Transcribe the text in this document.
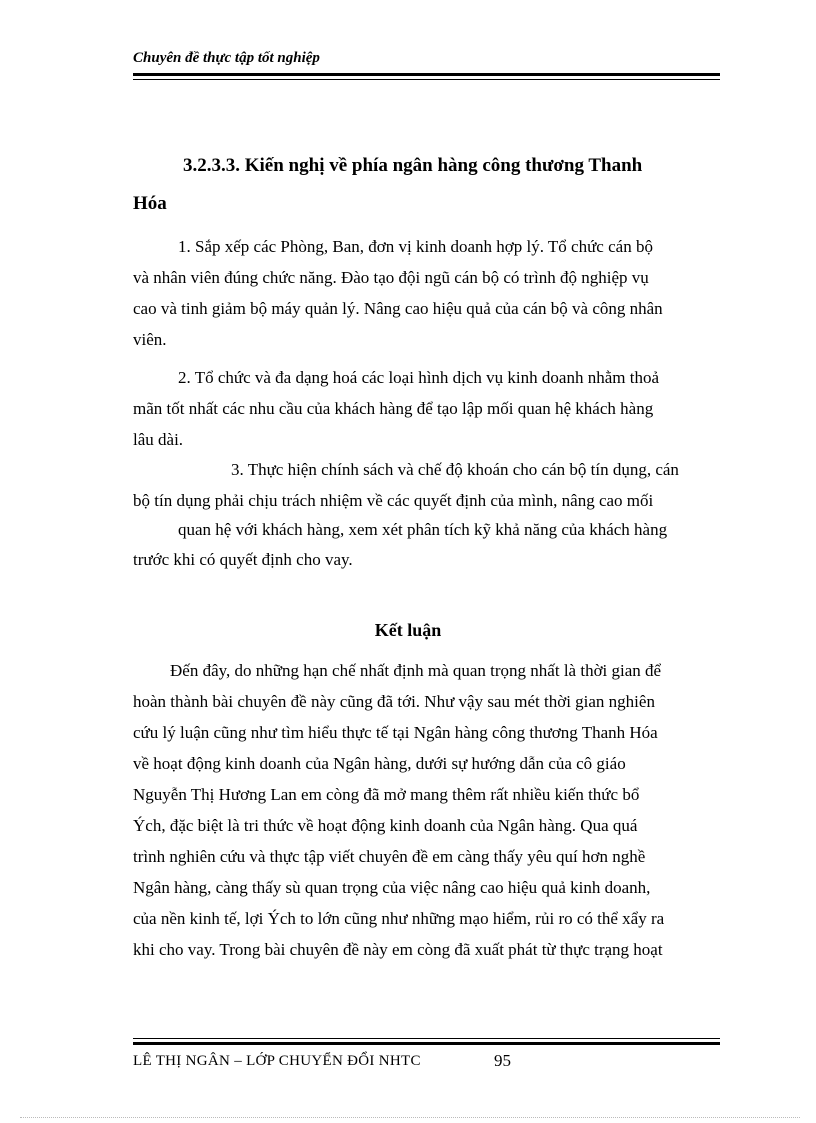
Chuyên đề thực tập tốt nghiệp
3.2.3.3. Kiến nghị về phía ngân hàng công thương Thanh
Hóa
1. Sắp xếp các Phòng, Ban, đơn vị kinh doanh hợp lý. Tổ chức cán bộ
và nhân viên đúng chức năng. Đào tạo đội ngũ cán bộ có trình độ nghiệp vụ
cao và tinh giảm bộ máy quản lý. Nâng cao hiệu quả của cán bộ và công nhân
viên.
2. Tổ chức và đa dạng hoá các loại hình dịch vụ kinh doanh nhằm thoả
mãn tốt nhất các nhu cầu của khách hàng để tạo lập mối quan hệ khách hàng
lâu dài.
3. Thực hiện chính sách và chế độ khoán cho cán bộ tín dụng, cán
bộ tín dụng phải chịu trách nhiệm về các quyết định của mình, nâng cao mối
quan hệ với khách hàng, xem xét phân tích kỹ khả năng của khách hàng
trước khi có quyết định cho vay.
Kết luận
Đến đây, do những hạn chế nhất định mà quan trọng nhất là thời gian để
hoàn thành bài chuyên đề này cũng đã tới. Như vậy sau mét thời gian nghiên
cứu lý luận cũng như tìm hiểu thực tế tại Ngân hàng công thương Thanh Hóa
về hoạt động kinh doanh của Ngân hàng, dưới sự hướng dẫn của cô giáo
Nguyễn Thị Hương Lan em còng đã mở mang thêm rất nhiều kiến thức bổ
Ých, đặc biệt là tri thức về hoạt động kinh doanh của Ngân hàng. Qua quá
trình nghiên cứu và thực tập viết chuyên đề em càng thấy yêu quí hơn nghề
Ngân hàng, càng thấy sù quan trọng của việc nâng cao hiệu quả kinh doanh,
của nền kinh tế, lợi Ých to lớn cũng như những mạo hiểm, rủi ro có thể xẩy ra
khi cho vay. Trong bài chuyên đề này em còng đã xuất phát từ thực trạng hoạt
LÊ THỊ NGÂN – LỚP CHUYỂN ĐỔI NHTC	95
